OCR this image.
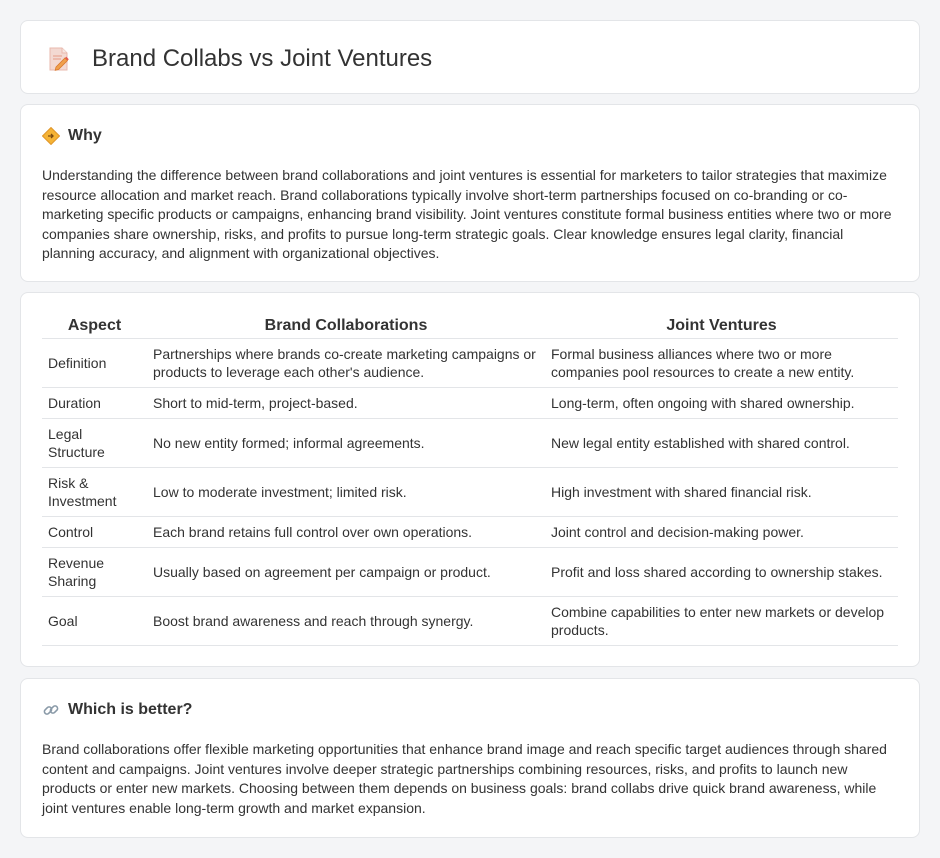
Brand Collabs vs Joint Ventures
Why

Understanding the difference between brand collaborations and joint ventures is essential for marketers to tailor strategies that maximize resource allocation and market reach. Brand collaborations typically involve short-term partnerships focused on co-branding or co-marketing specific products or campaigns, enhancing brand visibility. Joint ventures constitute formal business entities where two or more companies share ownership, risks, and profits to pursue long-term strategic goals. Clear knowledge ensures legal clarity, financial planning accuracy, and alignment with organizational objectives.

Aspect	Brand Collaborations	Joint Ventures
Definition	Partnerships where brands co-create marketing campaigns or products to leverage each other's audience.	Formal business alliances where two or more companies pool resources to create a new entity.
Duration	Short to mid-term, project-based.	Long-term, often ongoing with shared ownership.
Legal Structure	No new entity formed; informal agreements.	New legal entity established with shared control.
Risk & Investment	Low to moderate investment; limited risk.	High investment with shared financial risk.
Control	Each brand retains full control over own operations.	Joint control and decision-making power.
Revenue Sharing	Usually based on agreement per campaign or product.	Profit and loss shared according to ownership stakes.
Goal	Boost brand awareness and reach through synergy.	Combine capabilities to enter new markets or develop products.
Which is better?

Brand collaborations offer flexible marketing opportunities that enhance brand image and reach specific target audiences through shared content and campaigns. Joint ventures involve deeper strategic partnerships combining resources, risks, and profits to launch new products or enter new markets. Choosing between them depends on business goals: brand collabs drive quick brand awareness, while joint ventures enable long-term growth and market expansion.
